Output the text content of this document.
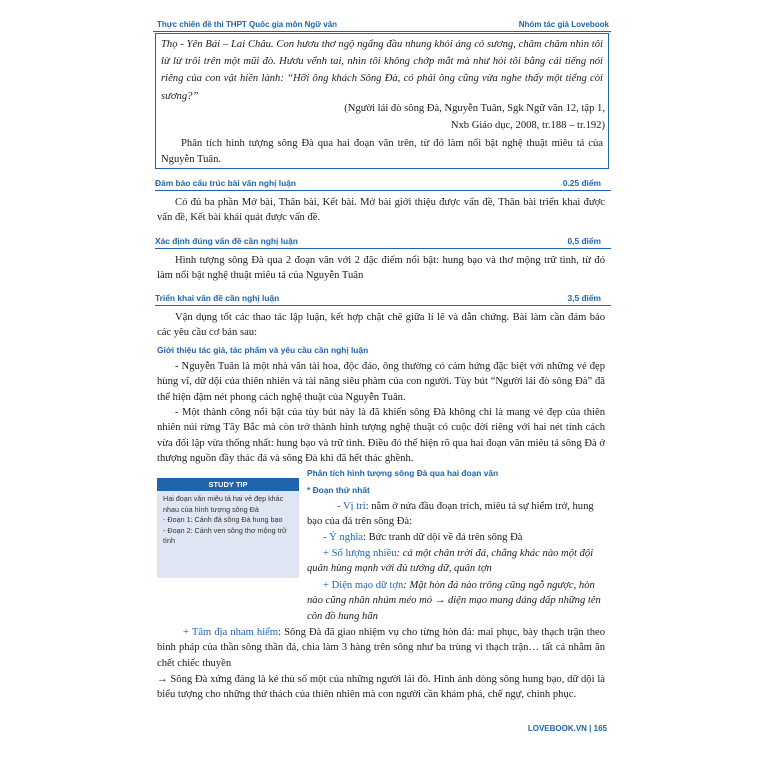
Thực chiến đề thi THPT Quốc gia môn Ngữ văn	Nhóm tác giả Lovebook
Thọ - Yên Bái – Lai Châu. Con hươu thơ ngộ ngẩng đầu nhung khỏi áng cỏ sương, chăm chăm nhìn tôi lừ lừ trôi trên một mũi đò. Hươu vểnh tai, nhìn tôi không chớp mắt mà như hỏi tôi bằng cái tiếng nói riêng của con vật hiền lành: “Hỡi ông khách Sông Đà, có phải ông cũng vừa nghe thấy một tiếng còi sương?”
(Người lái đò sông Đà, Nguyễn Tuân, Sgk Ngữ văn 12, tập 1,
Nxb Giáo dục, 2008, tr.188 – tr.192)
Phân tích hình tượng sông Đà qua hai đoạn văn trên, từ đó làm nổi bật nghệ thuật miêu tả của Nguyễn Tuân.
Đảm bảo cấu trúc bài văn nghị luận	0.25 điểm
Có đủ ba phần Mở bài, Thân bài, Kết bài. Mở bài giới thiệu được vấn đề, Thân bài triển khai được vấn đề, Kết bài khái quát được vấn đề.
Xác định đúng vấn đề cần nghị luận	0,5 điểm
Hình tượng sông Đà qua 2 đoạn văn với 2 đặc điểm nổi bật: hung bạo và thơ mộng trữ tình, từ đó làm nổi bật nghệ thuật miêu tả của Nguyễn Tuân
Triển khai vấn đề cần nghị luận	3,5 điểm
Vận dụng tốt các thao tác lập luận, kết hợp chặt chẽ giữa lí lẽ và dẫn chứng. Bài làm cần đảm bảo các yêu cầu cơ bản sau:
Giới thiệu tác giả, tác phẩm và yêu cầu cần nghị luận
- Nguyễn Tuân là một nhà văn tài hoa, độc đáo, ông thường có cảm hứng đặc biệt với những vẻ đẹp hùng vĩ, dữ dội của thiên nhiên và tài năng siêu phàm của con người. Tùy bút “Người lái đò sông Đà” đã thể hiện đậm nét phong cách nghệ thuật của Nguyễn Tuân.
- Một thành công nổi bật của tùy bút này là đã khiến sông Đà không chỉ là mang vẻ đẹp của thiên nhiên núi rừng Tây Bắc mà còn trở thành hình tượng nghệ thuật có cuộc đời riêng với hai nét tính cách vừa đối lập vừa thống nhất: hung bạo và trữ tình. Điều đó thể hiện rõ qua hai đoạn văn miêu tả sông Đà ở thượng nguồn đầy thác đá và sông Đà khi đã hết thác ghềnh.
STUDY TIP
Hai đoạn văn miêu tả hai vẻ đẹp khác nhau của hình tượng sông Đà
- Đoạn 1: Cảnh đá sông Đà hung bạo
- Đoạn 2: Cảnh ven sông thơ mộng trữ tình
Phân tích hình tượng sông Đà qua hai đoạn văn
* Đoạn thứ nhất
- Vị trí: nằm ở nửa đầu đoạn trích, miêu tả sự hiểm trở, hung bạo của đá trên sông Đà:
- Ý nghĩa: Bức tranh dữ dội về đá trên sông Đà
+ Số lượng nhiều: cả một chân trời đá, chẳng khác nào một đội quân hùng mạnh với đủ tướng dữ, quân tợn
+ Diện mạo dữ tợn: Mặt hòn đá nào trông cũng ngỗ ngược, hòn nào cũng nhăn nhúm méo mó → diện mạo mang dáng dấp những tên côn đồ hung hãn
+ Tâm địa nham hiểm: Sông Đà đã giao nhiệm vụ cho từng hòn đá: mai phục, bày thạch trận theo binh pháp của thần sông thần đá, chia làm 3 hàng trên sông như ba trùng vi thạch trận… tất cả nhằm ăn chết chiếc thuyền
→ Sông Đà xứng đáng là kẻ thù số một của những người lái đò. Hình ảnh dòng sông hung bạo, dữ dội là biểu tượng cho những thử thách của thiên nhiên mà con người cần khám phá, chế ngự, chinh phục.
LOVEBOOK.VN | 165
